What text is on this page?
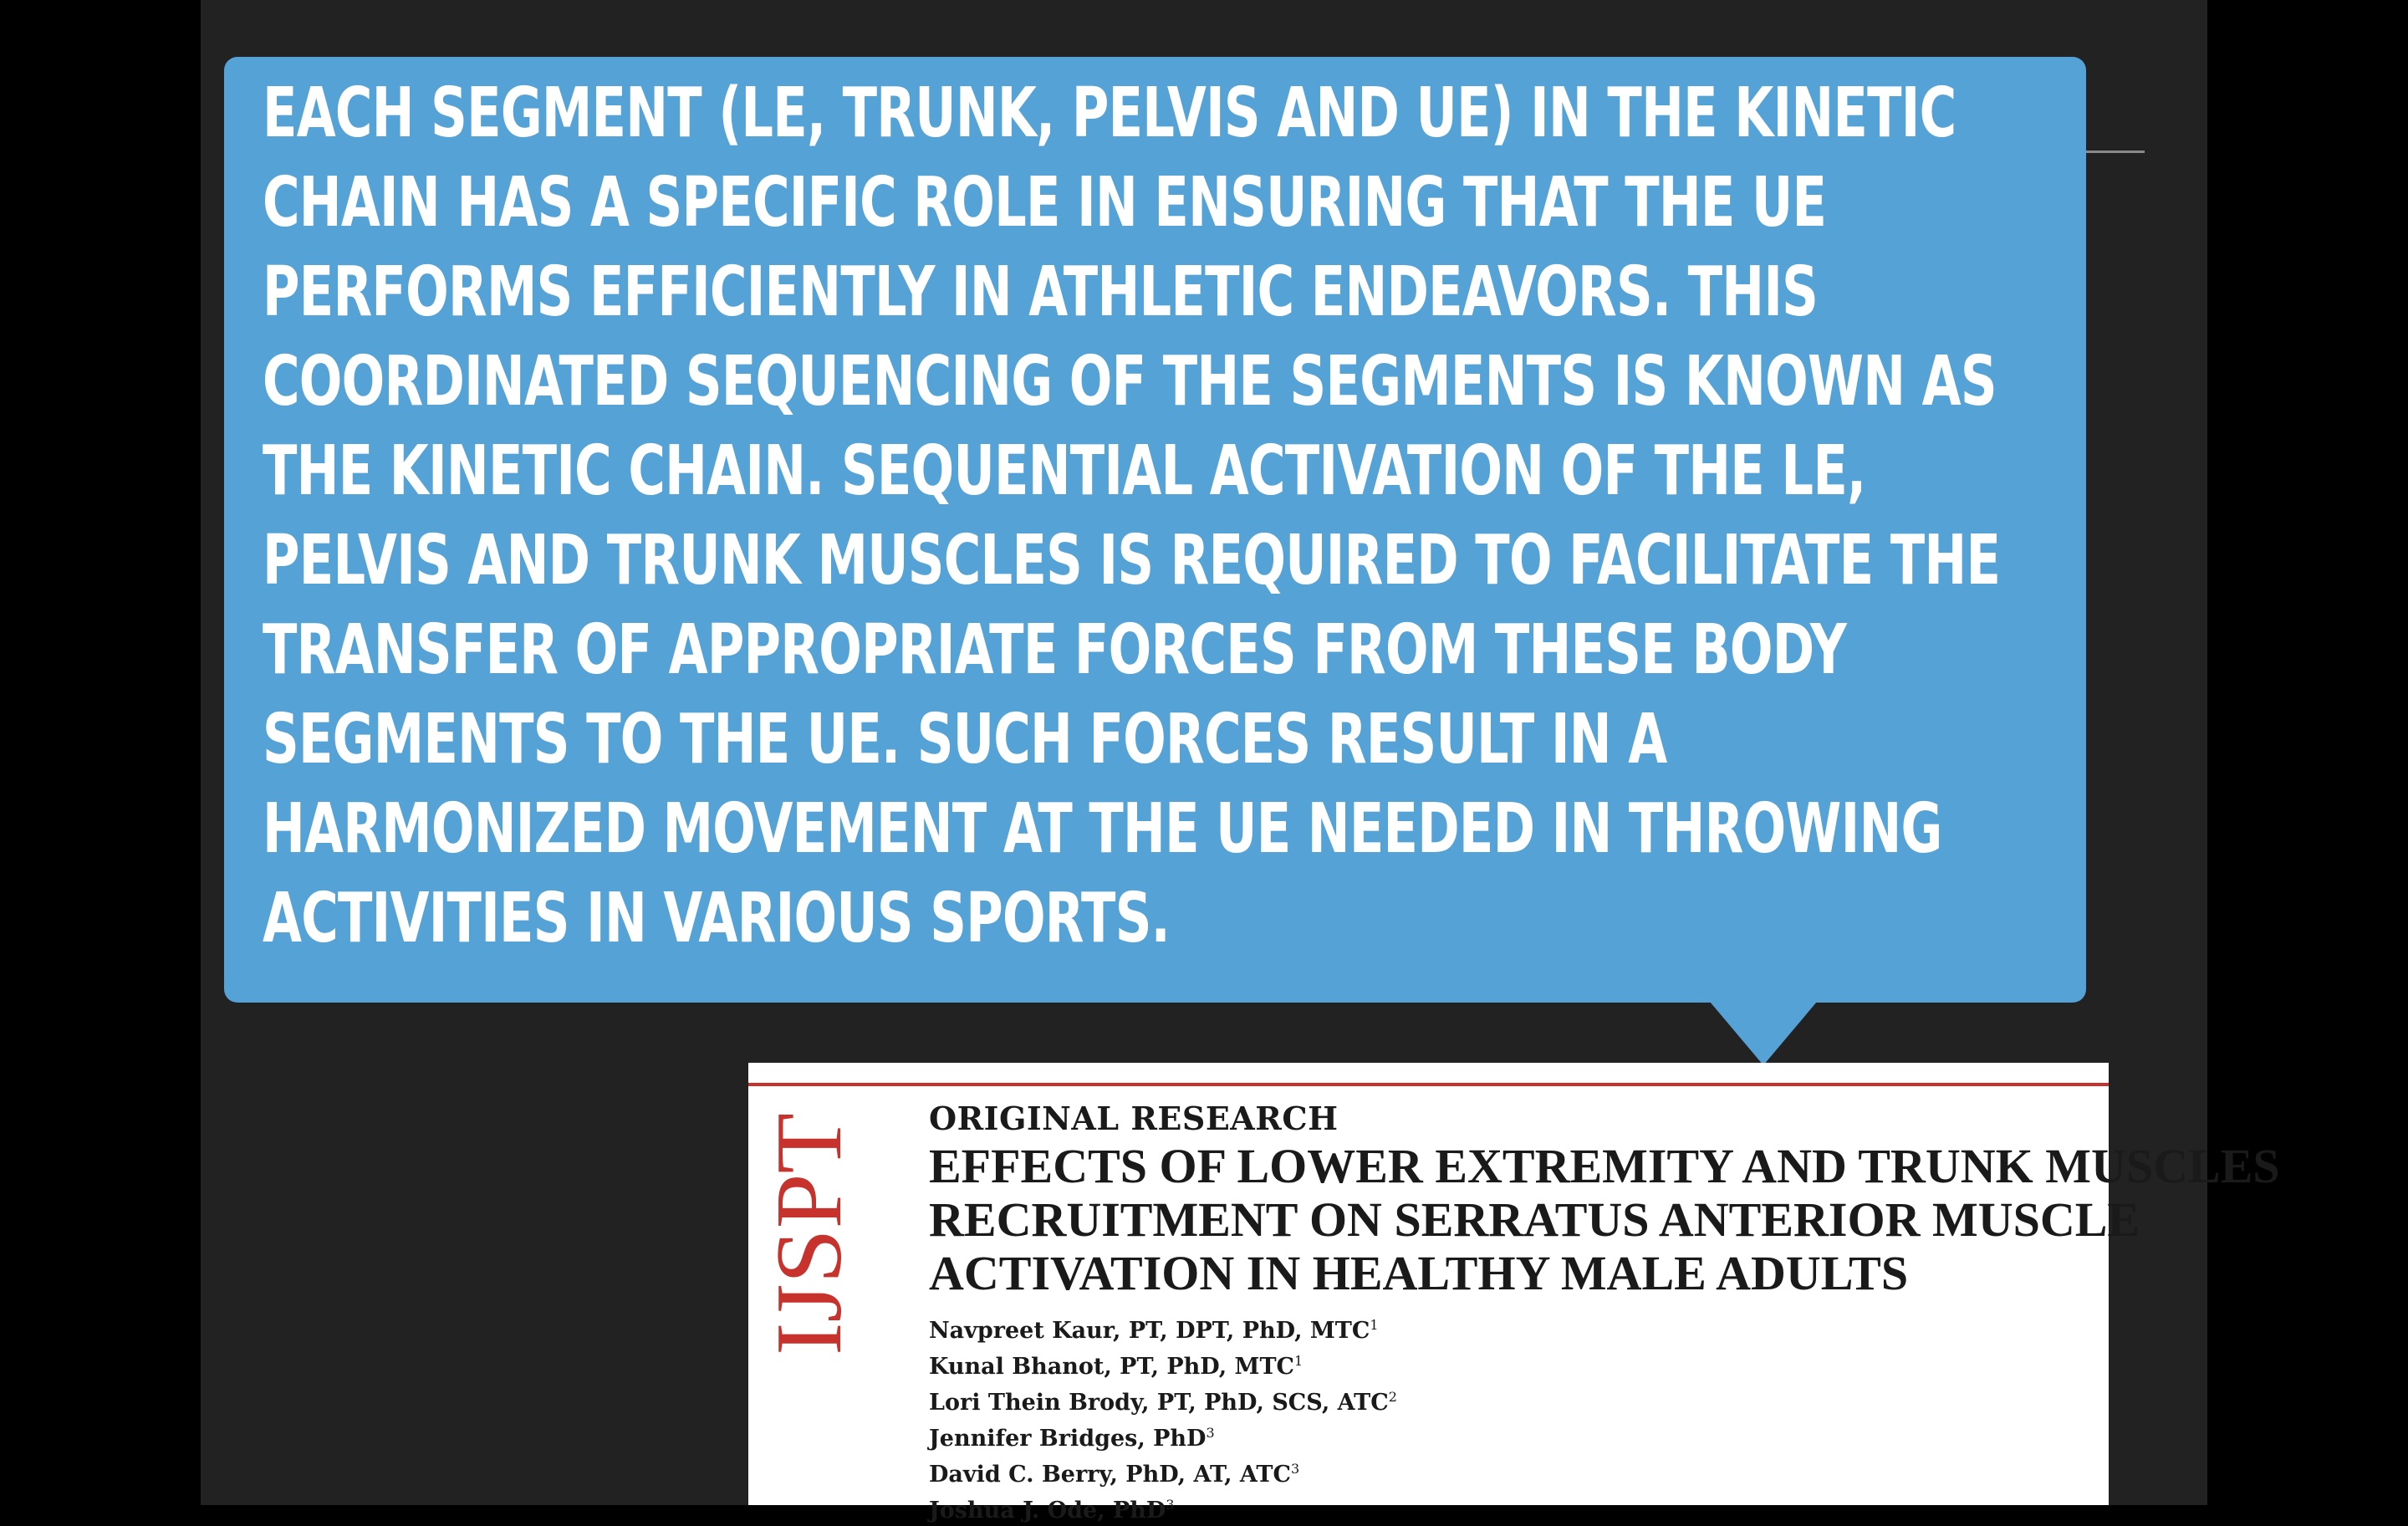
EACH SEGMENT (LE, TRUNK, PELVIS AND UE) IN THE KINETIC
CHAIN HAS A SPECIFIC ROLE IN ENSURING THAT THE UE
PERFORMS EFFICIENTLY IN ATHLETIC ENDEAVORS. THIS
COORDINATED SEQUENCING OF THE SEGMENTS IS KNOWN AS
THE KINETIC CHAIN. SEQUENTIAL ACTIVATION OF THE LE,
PELVIS AND TRUNK MUSCLES IS REQUIRED TO FACILITATE THE
TRANSFER OF APPROPRIATE FORCES FROM THESE BODY
SEGMENTS TO THE UE. SUCH FORCES RESULT IN A
HARMONIZED MOVEMENT AT THE UE NEEDED IN THROWING
ACTIVITIES IN VARIOUS SPORTS.
IJSPT
ORIGINAL RESEARCH
EFFECTS OF LOWER EXTREMITY AND TRUNK MUSCLES
RECRUITMENT ON SERRATUS ANTERIOR MUSCLE
ACTIVATION IN HEALTHY MALE ADULTS
Navpreet Kaur, PT, DPT, PhD, MTC$^1$
Kunal Bhanot, PT, PhD, MTC$^1$
Lori Thein Brody, PT, PhD, SCS, ATC$^2$
Jennifer Bridges, PhD$^3$
David C. Berry, PhD, AT, ATC$^3$
Joshua J. Ode, PhD$^3$
